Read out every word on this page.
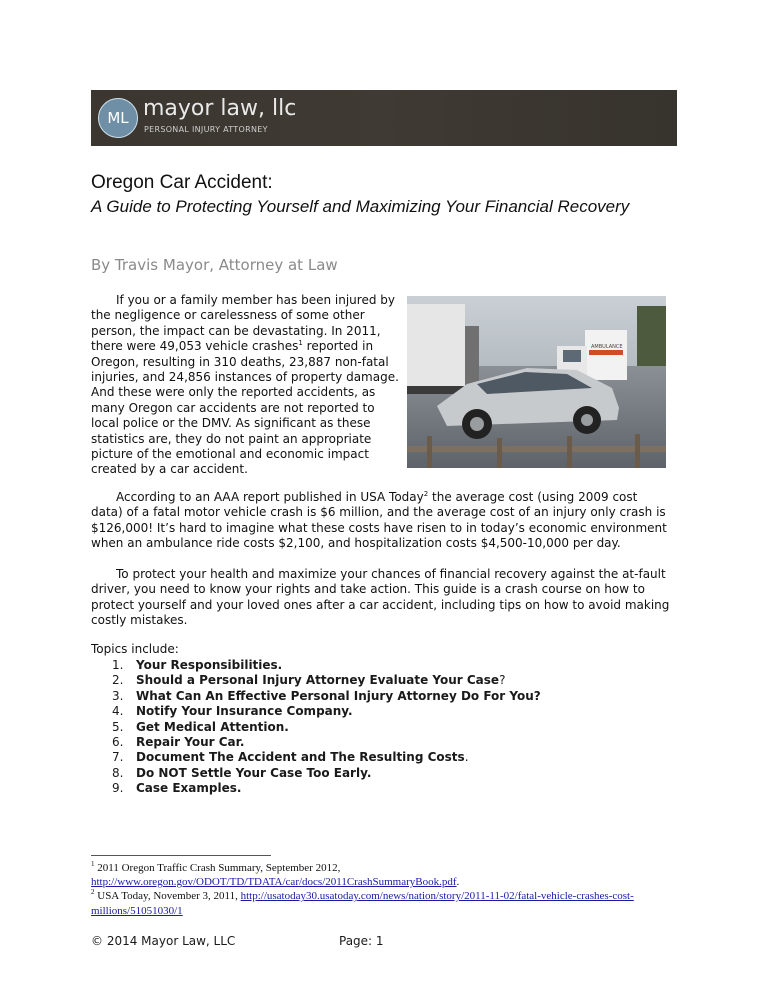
ML mayor law, llc
PERSONAL INJURY ATTORNEY
Oregon Car Accident:
A Guide to Protecting Yourself and Maximizing Your Financial Recovery
By Travis Mayor, Attorney at Law
AMBULANCE
If you or a family member has been injured by the negligence or carelessness of some other person, the impact can be devastating. In 2011, there were 49,053 vehicle crashes$^1$ reported in Oregon, resulting in 310 deaths, 23,887 non-fatal injuries, and 24,856 instances of property damage. And these were only the reported accidents, as many Oregon car accidents are not reported to local police or the DMV. As significant as these statistics are, they do not paint an appropriate picture of the emotional and economic impact created by a car accident.
According to an AAA report published in USA Today$^2$ the average cost (using 2009 cost data) of a fatal motor vehicle crash is $6 million, and the average cost of an injury only crash is $126,000! It’s hard to imagine what these costs have risen to in today’s economic environment when an ambulance ride costs $2,100, and hospitalization costs $4,500-10,000 per day.
To protect your health and maximize your chances of financial recovery against the at-fault driver, you need to know your rights and take action. This guide is a crash course on how to protect yourself and your loved ones after a car accident, including tips on how to avoid making costly mistakes.
Topics include:
1.	Your Responsibilities.
2.	Should a Personal Injury Attorney Evaluate Your Case?
3.	What Can An Effective Personal Injury Attorney Do For You?
4.	Notify Your Insurance Company.
5.	Get Medical Attention.
6.	Repair Your Car.
7.	Document The Accident and The Resulting Costs.
8.	Do NOT Settle Your Case Too Early.
9.	Case Examples.
$^1$ 2011 Oregon Traffic Crash Summary, September 2012,
http://www.oregon.gov/ODOT/TD/TDATA/car/docs/2011CrashSummaryBook.pdf.
$^2$ USA Today, November 3, 2011, http://usatoday30.usatoday.com/news/nation/story/2011-11-02/fatal-vehicle-crashes-cost-millions/51051030/1
© 2014 Mayor Law, LLC	Page: 1
